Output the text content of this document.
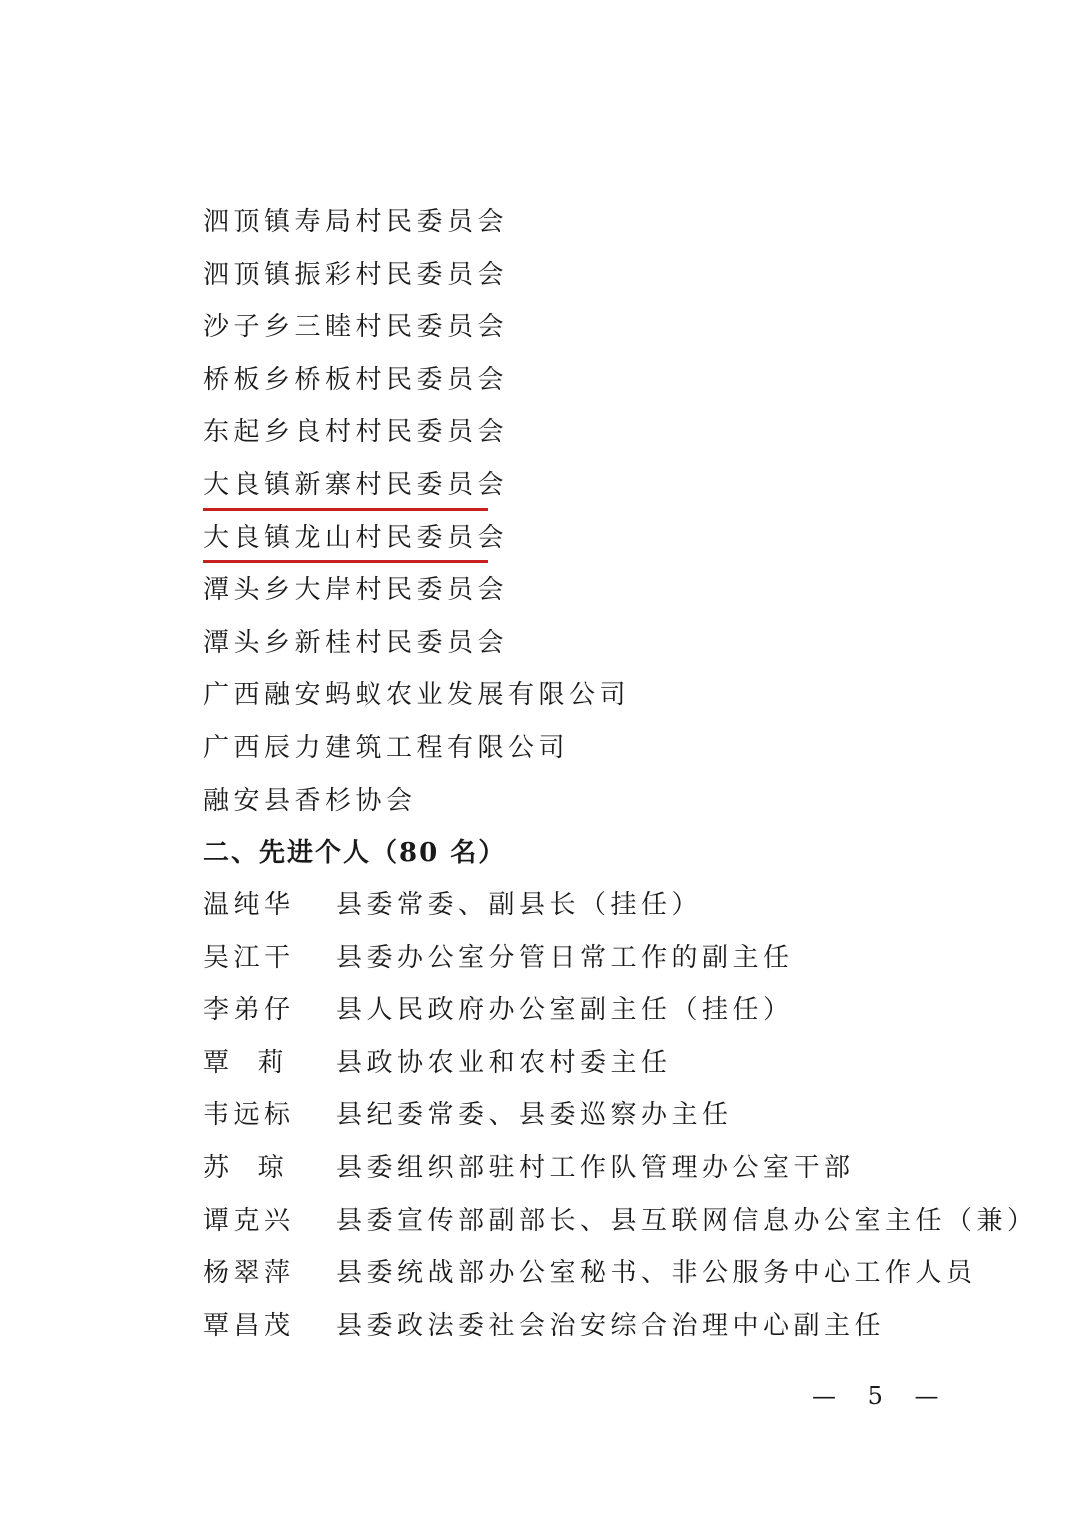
泗顶镇寿局村民委员会
泗顶镇振彩村民委员会
沙子乡三睦村民委员会
桥板乡桥板村民委员会
东起乡良村村民委员会
大良镇新寨村民委员会
大良镇龙山村民委员会
潭头乡大岸村民委员会
潭头乡新桂村民委员会
广西融安蚂蚁农业发展有限公司
广西辰力建筑工程有限公司
融安县香杉协会
二、先进个人（80 名）
温纯华	县委常委、副县长（挂任）
吴江干	县委办公室分管日常工作的副主任
李弟仔	县人民政府办公室副主任（挂任）
覃莉	县政协农业和农村委主任
韦远标	县纪委常委、县委巡察办主任
苏琼	县委组织部驻村工作队管理办公室干部
谭克兴	县委宣传部副部长、县互联网信息办公室主任（兼）
杨翠萍	县委统战部办公室秘书、非公服务中心工作人员
覃昌茂	县委政法委社会治安综合治理中心副主任
— 5 —
